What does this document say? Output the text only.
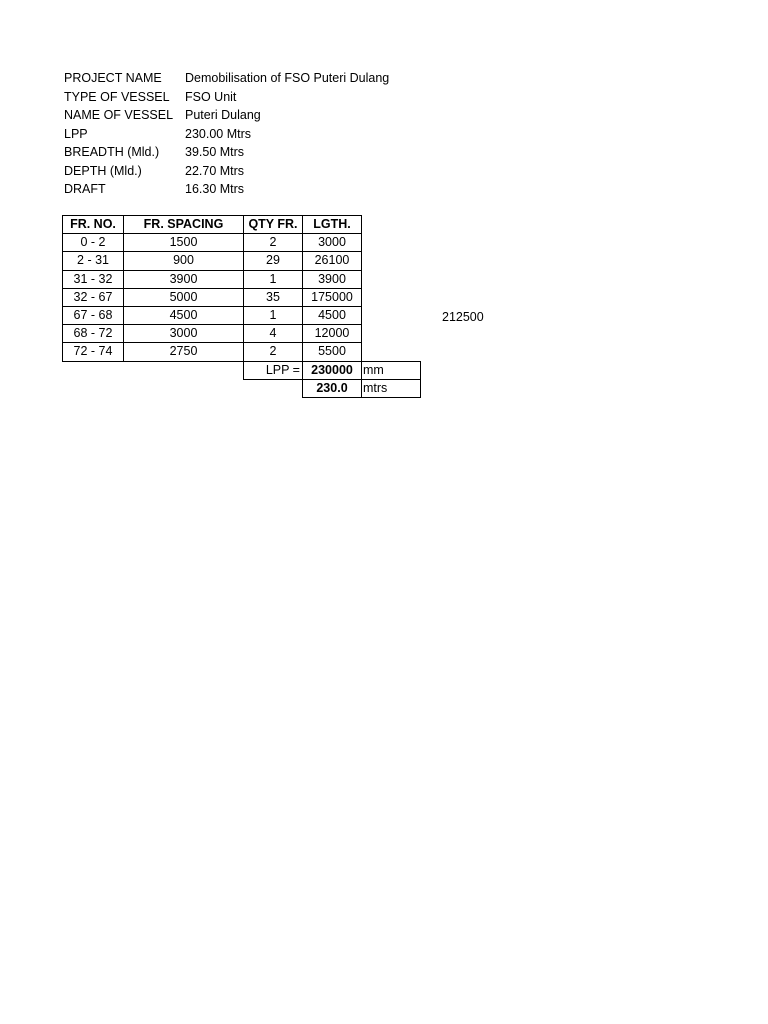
PROJECT NAME Demobilisation of FSO Puteri Dulang
TYPE OF VESSEL FSO Unit
NAME OF VESSEL Puteri Dulang
LPP	230.00 Mtrs
BREADTH (Mld.) 39.50 Mtrs
DEPTH (Mld.)	22.70 Mtrs
DRAFT	16.30 Mtrs
FR. NO.	FR. SPACING	QTY FR.	LGTH.	
0 - 2	1500	2	3000	
2 - 31	900	29	26100	
31 - 32	3900	1	3900	
32 - 67	5000	35	175000	
67 - 68	4500	1	4500	
68 - 72	3000	4	12000	
72 - 74	2750	2	5500	
		LPP =	230000	mm
			230.0	mtrs
212500
